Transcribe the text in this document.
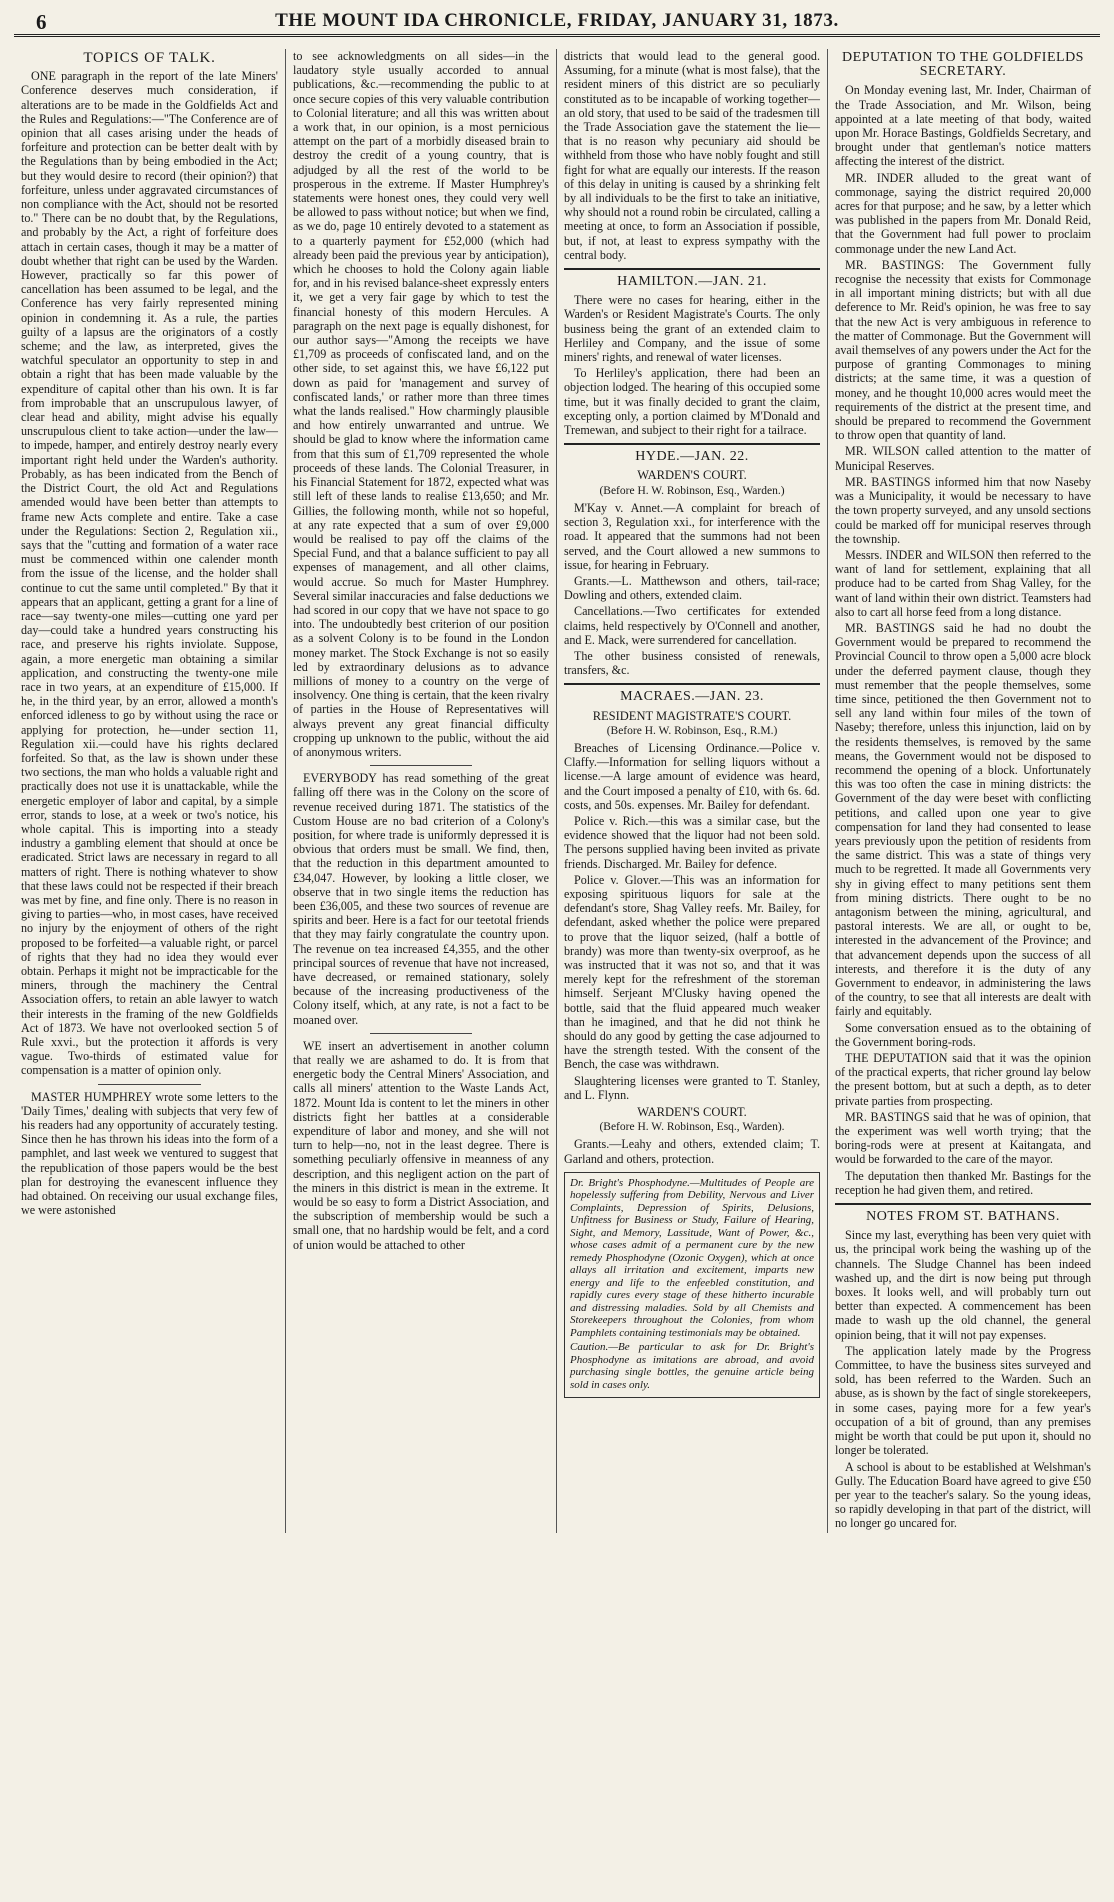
6	THE MOUNT IDA CHRONICLE, FRIDAY, JANUARY 31, 1873.
TOPICS OF TALK.

ONE paragraph in the report of the late Miners' Conference deserves much consideration, if alterations are to be made in the Goldfields Act and the Rules and Regulations:—"The Conference are of opinion that all cases arising under the heads of forfeiture and protection can be better dealt with by the Regulations than by being embodied in the Act; but they would desire to record (their opinion?) that forfeiture, unless under aggravated circumstances of non compliance with the Act, should not be resorted to." There can be no doubt that, by the Regulations, and probably by the Act, a right of forfeiture does attach in certain cases, though it may be a matter of doubt whether that right can be used by the Warden. However, practically so far this power of cancellation has been assumed to be legal, and the Conference has very fairly represented mining opinion in condemning it. As a rule, the parties guilty of a lapsus are the originators of a costly scheme; and the law, as interpreted, gives the watchful speculator an opportunity to step in and obtain a right that has been made valuable by the expenditure of capital other than his own. It is far from improbable that an unscrupulous lawyer, of clear head and ability, might advise his equally unscrupulous client to take action—under the law—to impede, hamper, and entirely destroy nearly every important right held under the Warden's authority. Probably, as has been indicated from the Bench of the District Court, the old Act and Regulations amended would have been better than attempts to frame new Acts complete and entire. Take a case under the Regulations: Section 2, Regulation xii., says that the "cutting and formation of a water race must be commenced within one calender month from the issue of the license, and the holder shall continue to cut the same until completed." By that it appears that an applicant, getting a grant for a line of race—say twenty-one miles—cutting one yard per day—could take a hundred years constructing his race, and preserve his rights inviolate. Suppose, again, a more energetic man obtaining a similar application, and constructing the twenty-one mile race in two years, at an expenditure of £15,000. If he, in the third year, by an error, allowed a month's enforced idleness to go by without using the race or applying for protection, he—under section 11, Regulation xii.—could have his rights declared forfeited. So that, as the law is shown under these two sections, the man who holds a valuable right and practically does not use it is unattackable, while the energetic employer of labor and capital, by a simple error, stands to lose, at a week or two's notice, his whole capital. This is importing into a steady industry a gambling element that should at once be eradicated. Strict laws are necessary in regard to all matters of right. There is nothing whatever to show that these laws could not be respected if their breach was met by fine, and fine only. There is no reason in giving to parties—who, in most cases, have received no injury by the enjoyment of others of the right proposed to be forfeited—a valuable right, or parcel of rights that they had no idea they would ever obtain. Perhaps it might not be impracticable for the miners, through the machinery the Central Association offers, to retain an able lawyer to watch their interests in the framing of the new Goldfields Act of 1873. We have not overlooked section 5 of Rule xxvi., but the protection it affords is very vague. Two-thirds of estimated value for compensation is a matter of opinion only.

MASTER HUMPHREY wrote some letters to the 'Daily Times,' dealing with subjects that very few of his readers had any opportunity of accurately testing. Since then he has thrown his ideas into the form of a pamphlet, and last week we ventured to suggest that the republication of those papers would be the best plan for destroying the evanescent influence they had obtained. On receiving our usual exchange files, we were astonished

to see acknowledgments on all sides—in the laudatory style usually accorded to annual publications, &c.—recommending the public to at once secure copies of this very valuable contribution to Colonial literature; and all this was written about a work that, in our opinion, is a most pernicious attempt on the part of a morbidly diseased brain to destroy the credit of a young country, that is adjudged by all the rest of the world to be prosperous in the extreme. If Master Humphrey's statements were honest ones, they could very well be allowed to pass without notice; but when we find, as we do, page 10 entirely devoted to a statement as to a quarterly payment for £52,000 (which had already been paid the previous year by anticipation), which he chooses to hold the Colony again liable for, and in his revised balance-sheet expressly enters it, we get a very fair gage by which to test the financial honesty of this modern Hercules. A paragraph on the next page is equally dishonest, for our author says—"Among the receipts we have £1,709 as proceeds of confiscated land, and on the other side, to set against this, we have £6,122 put down as paid for 'management and survey of confiscated lands,' or rather more than three times what the lands realised." How charmingly plausible and how entirely unwarranted and untrue. We should be glad to know where the information came from that this sum of £1,709 represented the whole proceeds of these lands. The Colonial Treasurer, in his Financial Statement for 1872, expected what was still left of these lands to realise £13,650; and Mr. Gillies, the following month, while not so hopeful, at any rate expected that a sum of over £9,000 would be realised to pay off the claims of the Special Fund, and that a balance sufficient to pay all expenses of management, and all other claims, would accrue. So much for Master Humphrey. Several similar inaccuracies and false deductions we had scored in our copy that we have not space to go into. The undoubtedly best criterion of our position as a solvent Colony is to be found in the London money market. The Stock Exchange is not so easily led by extraordinary delusions as to advance millions of money to a country on the verge of insolvency. One thing is certain, that the keen rivalry of parties in the House of Representatives will always prevent any great financial difficulty cropping up unknown to the public, without the aid of anonymous writers.

EVERYBODY has read something of the great falling off there was in the Colony on the score of revenue received during 1871. The statistics of the Custom House are no bad criterion of a Colony's position, for where trade is uniformly depressed it is obvious that orders must be small. We find, then, that the reduction in this department amounted to £34,047. However, by looking a little closer, we observe that in two single items the reduction has been £36,005, and these two sources of revenue are spirits and beer. Here is a fact for our teetotal friends that they may fairly congratulate the country upon. The revenue on tea increased £4,355, and the other principal sources of revenue that have not increased, have decreased, or remained stationary, solely because of the increasing productiveness of the Colony itself, which, at any rate, is not a fact to be moaned over.

WE insert an advertisement in another column that really we are ashamed to do. It is from that energetic body the Central Miners' Association, and calls all miners' attention to the Waste Lands Act, 1872. Mount Ida is content to let the miners in other districts fight her battles at a considerable expenditure of labor and money, and she will not turn to help—no, not in the least degree. There is something peculiarly offensive in meanness of any description, and this negligent action on the part of the miners in this district is mean in the extreme. It would be so easy to form a District Association, and the subscription of membership would be such a small one, that no hardship would be felt, and a cord of union would be attached to other

districts that would lead to the general good. Assuming, for a minute (what is most false), that the resident miners of this district are so peculiarly constituted as to be incapable of working together—an old story, that used to be said of the tradesmen till the Trade Association gave the statement the lie—that is no reason why pecuniary aid should be withheld from those who have nobly fought and still fight for what are equally our interests. If the reason of this delay in uniting is caused by a shrinking felt by all individuals to be the first to take an initiative, why should not a round robin be circulated, calling a meeting at once, to form an Association if possible, but, if not, at least to express sympathy with the central body.

HAMILTON.—JAN. 21.

There were no cases for hearing, either in the Warden's or Resident Magistrate's Courts. The only business being the grant of an extended claim to Herliley and Company, and the issue of some miners' rights, and renewal of water licenses.

To Herliley's application, there had been an objection lodged. The hearing of this occupied some time, but it was finally decided to grant the claim, excepting only, a portion claimed by M'Donald and Tremewan, and subject to their right for a tailrace.

HYDE.—JAN. 22.
WARDEN'S COURT.
(Before H. W. Robinson, Esq., Warden.)

M'Kay v. Annet.—A complaint for breach of section 3, Regulation xxi., for interference with the road. It appeared that the summons had not been served, and the Court allowed a new summons to issue, for hearing in February.

Grants.—L. Matthewson and others, tail-race; Dowling and others, extended claim.

Cancellations.—Two certificates for extended claims, held respectively by O'Connell and another, and E. Mack, were surrendered for cancellation.

The other business consisted of renewals, transfers, &c.

MACRAES.—JAN. 23.
RESIDENT MAGISTRATE'S COURT.
(Before H. W. Robinson, Esq., R.M.)

Breaches of Licensing Ordinance.—Police v. Claffy.—Information for selling liquors without a license.—A large amount of evidence was heard, and the Court imposed a penalty of £10, with 6s. 6d. costs, and 50s. expenses. Mr. Bailey for defendant.

Police v. Rich.—this was a similar case, but the evidence showed that the liquor had not been sold. The persons supplied having been invited as private friends. Discharged. Mr. Bailey for defence.

Police v. Glover.—This was an information for exposing spirituous liquors for sale at the defendant's store, Shag Valley reefs. Mr. Bailey, for defendant, asked whether the police were prepared to prove that the liquor seized, (half a bottle of brandy) was more than twenty-six overproof, as he was instructed that it was not so, and that it was merely kept for the refreshment of the storeman himself. Serjeant M'Clusky having opened the bottle, said that the fluid appeared much weaker than he imagined, and that he did not think he should do any good by getting the case adjourned to have the strength tested. With the consent of the Bench, the case was withdrawn.

Slaughtering licenses were granted to T. Stanley, and L. Flynn.

WARDEN'S COURT.
(Before H. W. Robinson, Esq., Warden).

Grants.—Leahy and others, extended claim; T. Garland and others, protection.

Dr. Bright's Phosphodyne.—Multitudes of People are hopelessly suffering from Debility, Nervous and Liver Complaints, Depression of Spirits, Delusions, Unfitness for Business or Study, Failure of Hearing, Sight, and Memory, Lassitude, Want of Power, &c., whose cases admit of a permanent cure by the new remedy Phosphodyne (Ozonic Oxygen), which at once allays all irritation and excitement, imparts new energy and life to the enfeebled constitution, and rapidly cures every stage of these hitherto incurable and distressing maladies. Sold by all Chemists and Storekeepers throughout the Colonies, from whom Pamphlets containing testimonials may be obtained.

Caution.—Be particular to ask for Dr. Bright's Phosphodyne as imitations are abroad, and avoid purchasing single bottles, the genuine article being sold in cases only.

DEPUTATION TO THE GOLDFIELDS SECRETARY.

On Monday evening last, Mr. Inder, Chairman of the Trade Association, and Mr. Wilson, being appointed at a late meeting of that body, waited upon Mr. Horace Bastings, Goldfields Secretary, and brought under that gentleman's notice matters affecting the interest of the district.

MR. INDER alluded to the great want of commonage, saying the district required 20,000 acres for that purpose; and he saw, by a letter which was published in the papers from Mr. Donald Reid, that the Government had full power to proclaim commonage under the new Land Act.

MR. BASTINGS: The Government fully recognise the necessity that exists for Commonage in all important mining districts; but with all due deference to Mr. Reid's opinion, he was free to say that the new Act is very ambiguous in reference to the matter of Commonage. But the Government will avail themselves of any powers under the Act for the purpose of granting Commonages to mining districts; at the same time, it was a question of money, and he thought 10,000 acres would meet the requirements of the district at the present time, and should be prepared to recommend the Government to throw open that quantity of land.

MR. WILSON called attention to the matter of Municipal Reserves.

MR. BASTINGS informed him that now Naseby was a Municipality, it would be necessary to have the town property surveyed, and any unsold sections could be marked off for municipal reserves through the township.

Messrs. INDER and WILSON then referred to the want of land for settlement, explaining that all produce had to be carted from Shag Valley, for the want of land within their own district. Teamsters had also to cart all horse feed from a long distance.

MR. BASTINGS said he had no doubt the Government would be prepared to recommend the Provincial Council to throw open a 5,000 acre block under the deferred payment clause, though they must remember that the people themselves, some time since, petitioned the then Government not to sell any land within four miles of the town of Naseby; therefore, unless this injunction, laid on by the residents themselves, is removed by the same means, the Government would not be disposed to recommend the opening of a block. Unfortunately this was too often the case in mining districts: the Government of the day were beset with conflicting petitions, and called upon one year to give compensation for land they had consented to lease years previously upon the petition of residents from the same district. This was a state of things very much to be regretted. It made all Governments very shy in giving effect to many petitions sent them from mining districts. There ought to be no antagonism between the mining, agricultural, and pastoral interests. We are all, or ought to be, interested in the advancement of the Province; and that advancement depends upon the success of all interests, and therefore it is the duty of any Government to endeavor, in administering the laws of the country, to see that all interests are dealt with fairly and equitably.

Some conversation ensued as to the obtaining of the Government boring-rods.

THE DEPUTATION said that it was the opinion of the practical experts, that richer ground lay below the present bottom, but at such a depth, as to deter private parties from prospecting.

MR. BASTINGS said that he was of opinion, that the experiment was well worth trying; that the boring-rods were at present at Kaitangata, and would be forwarded to the care of the mayor.

The deputation then thanked Mr. Bastings for the reception he had given them, and retired.

NOTES FROM ST. BATHANS.

Since my last, everything has been very quiet with us, the principal work being the washing up of the channels. The Sludge Channel has been indeed washed up, and the dirt is now being put through boxes. It looks well, and will probably turn out better than expected. A commencement has been made to wash up the old channel, the general opinion being, that it will not pay expenses.

The application lately made by the Progress Committee, to have the business sites surveyed and sold, has been referred to the Warden. Such an abuse, as is shown by the fact of single storekeepers, in some cases, paying more for a few year's occupation of a bit of ground, than any premises might be worth that could be put upon it, should no longer be tolerated.

A school is about to be established at Welshman's Gully. The Education Board have agreed to give £50 per year to the teacher's salary. So the young ideas, so rapidly developing in that part of the district, will no longer go uncared for.
